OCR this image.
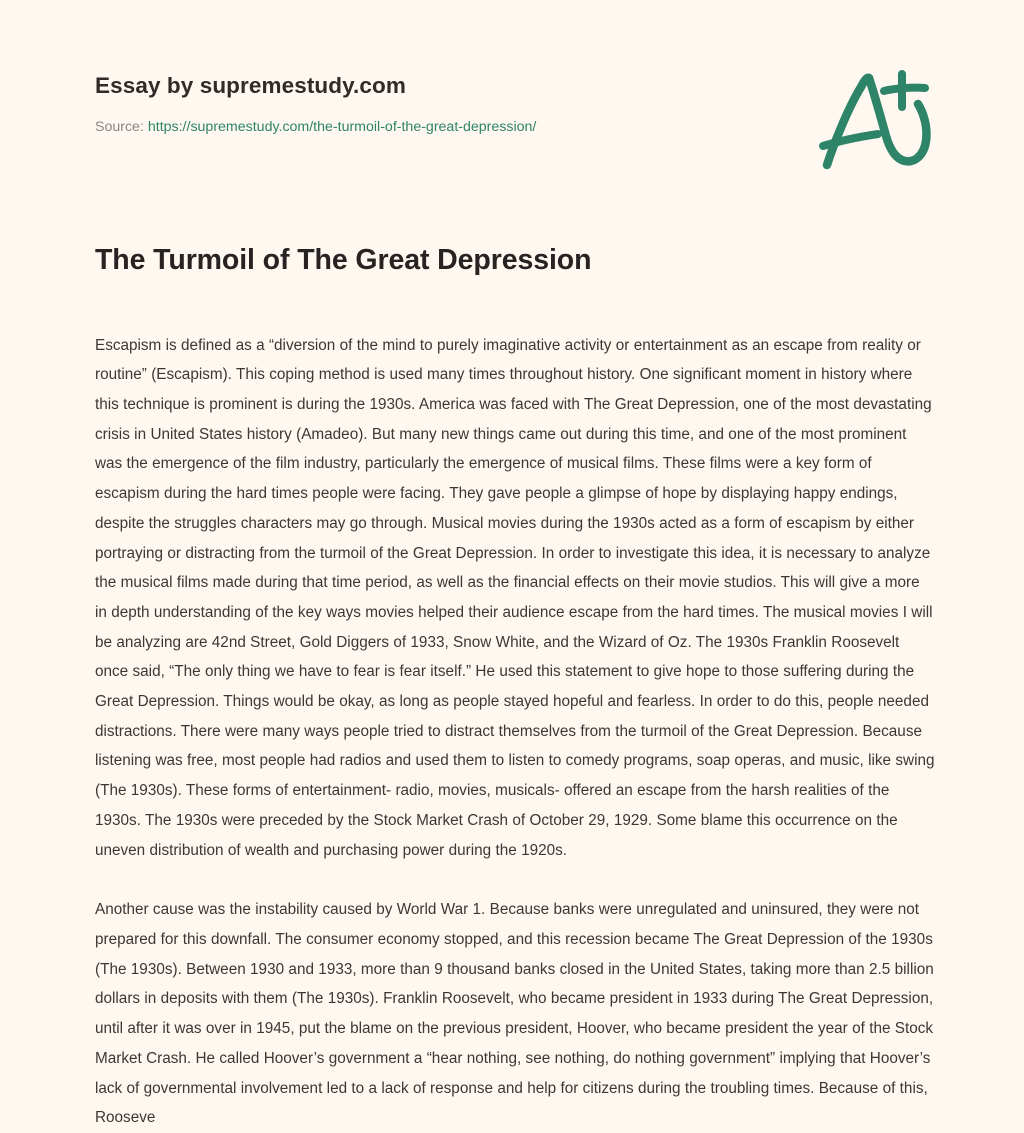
Essay by supremestudy.com
Source: https://supremestudy.com/the-turmoil-of-the-great-depression/
The Turmoil of The Great Depression

Escapism is defined as a “diversion of the mind to purely imaginative activity or entertainment as an escape from reality or routine” (Escapism). This coping method is used many times throughout history. One significant moment in history where this technique is prominent is during the 1930s. America was faced with The Great Depression, one of the most devastating crisis in United States history (Amadeo). But many new things came out during this time, and one of the most prominent was the emergence of the film industry, particularly the emergence of musical films. These films were a key form of escapism during the hard times people were facing. They gave people a glimpse of hope by displaying happy endings, despite the struggles characters may go through. Musical movies during the 1930s acted as a form of escapism by either portraying or distracting from the turmoil of the Great Depression. In order to investigate this idea, it is necessary to analyze the musical films made during that time period, as well as the financial effects on their movie studios. This will give a more in depth understanding of the key ways movies helped their audience escape from the hard times. The musical movies I will be analyzing are 42nd Street, Gold Diggers of 1933, Snow White, and the Wizard of Oz. The 1930s Franklin Roosevelt once said, “The only thing we have to fear is fear itself.” He used this statement to give hope to those suffering during the Great Depression. Things would be okay, as long as people stayed hopeful and fearless. In order to do this, people needed distractions. There were many ways people tried to distract themselves from the turmoil of the Great Depression. Because listening was free, most people had radios and used them to listen to comedy programs, soap operas, and music, like swing (The 1930s). These forms of entertainment- radio, movies, musicals- offered an escape from the harsh realities of the 1930s. The 1930s were preceded by the Stock Market Crash of October 29, 1929. Some blame this occurrence on the uneven distribution of wealth and purchasing power during the 1920s.

Another cause was the instability caused by World War 1. Because banks were unregulated and uninsured, they were not prepared for this downfall. The consumer economy stopped, and this recession became The Great Depression of the 1930s (The 1930s). Between 1930 and 1933, more than 9 thousand banks closed in the United States, taking more than 2.5 billion dollars in deposits with them (The 1930s). Franklin Roosevelt, who became president in 1933 during The Great Depression, until after it was over in 1945, put the blame on the previous president, Hoover, who became president the year of the Stock Market Crash. He called Hoover’s government a “hear nothing, see nothing, do nothing government” implying that Hoover’s lack of governmental involvement led to a lack of response and help for citizens during the troubling times. Because of this, Rooseve
